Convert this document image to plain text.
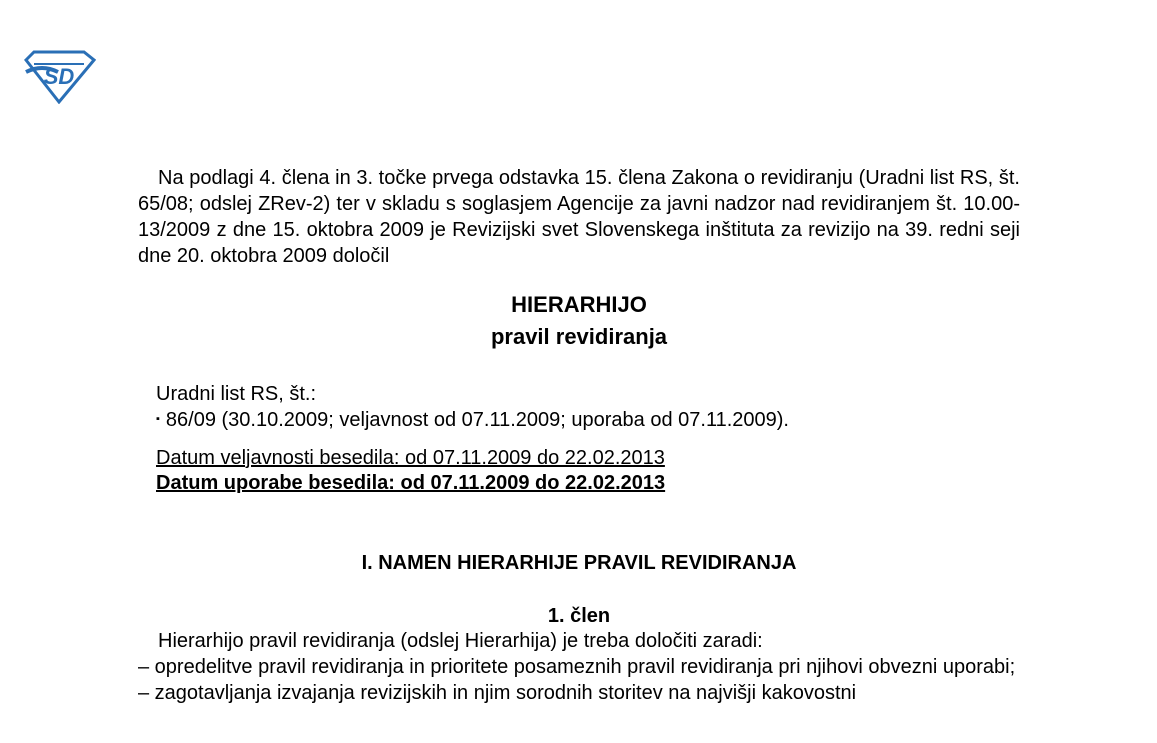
SD

Na podlagi 4. člena in 3. točke prvega odstavka 15. člena Zakona o revidiranju (Uradni list RS, št. 65/08; odslej ZRev-2) ter v skladu s soglasjem Agencije za javni nadzor nad revidiranjem št. 10.00-13/2009 z dne 15. oktobra 2009 je Revizijski svet Slovenskega inštituta za revizijo na 39. redni seji dne 20. oktobra 2009 določil

HIERARHIJO
pravil revidiranja

Uradni list RS, št.:

▪ 86/09 (30.10.2009; veljavnost od 07.11.2009; uporaba od 07.11.2009).

Datum veljavnosti besedila: od 07.11.2009 do 22.02.2013

Datum uporabe besedila: od 07.11.2009 do 22.02.2013

I. NAMEN HIERARHIJE PRAVIL REVIDIRANJA
1. člen

Hierarhijo pravil revidiranja (odslej Hierarhija) je treba določiti zaradi:

– opredelitve pravil revidiranja in prioritete posameznih pravil revidiranja pri njihovi obvezni uporabi;

– zagotavljanja izvajanja revizijskih in njim sorodnih storitev na najvišji kakovostni
